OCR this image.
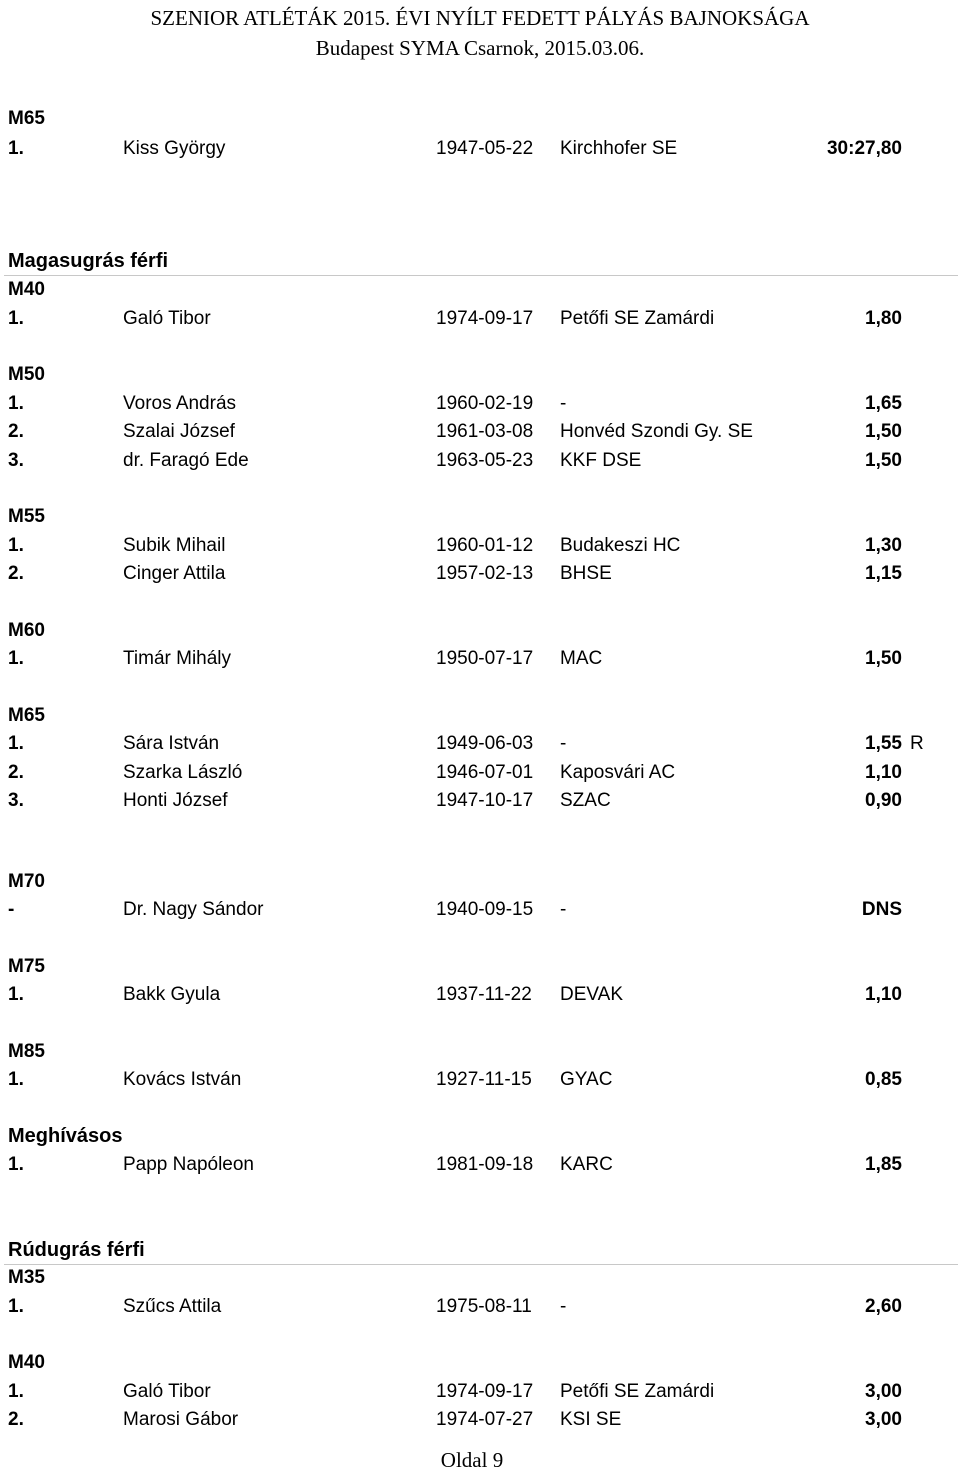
SZENIOR ATLÉTÁK 2015. ÉVI NYÍLT FEDETT PÁLYÁS BAJNOKSÁGA
Budapest SYMA Csarnok, 2015.03.06.
M65
1.	Kiss György	1947-05-22 Kirchhofer SE	30:27,80
Magasugrás férfi
M40
1.	Galó Tibor	1974-09-17 Petőfi SE Zamárdi	1,80
M50
1.	Voros András	1960-02-19 -	1,65
2.	Szalai József	1961-03-08 Honvéd Szondi Gy. SE	1,50
3.	dr. Faragó Ede	1963-05-23 KKF DSE	1,50
M55
1.	Subik Mihail	1960-01-12 Budakeszi HC	1,30
2.	Cinger Attila	1957-02-13 BHSE	1,15
M60
1.	Timár Mihály	1950-07-17 MAC	1,50
M65
1.	Sára István	1949-06-03 -	1,55 R
2.	Szarka László	1946-07-01 Kaposvári AC	1,10
3.	Honti József	1947-10-17 SZAC	0,90
M70
-	Dr. Nagy Sándor	1940-09-15 -	DNS
M75
1.	Bakk Gyula	1937-11-22 DEVAK	1,10
M85
1.	Kovács István	1927-11-15 GYAC	0,85
Meghívásos
1.	Papp Napóleon	1981-09-18 KARC	1,85
Rúdugrás férfi
M35
1.	Szűcs Attila	1975-08-11 -	2,60
M40
1.	Galó Tibor	1974-09-17 Petőfi SE Zamárdi	3,00
2.	Marosi Gábor	1974-07-27 KSI SE	3,00
Oldal 9
